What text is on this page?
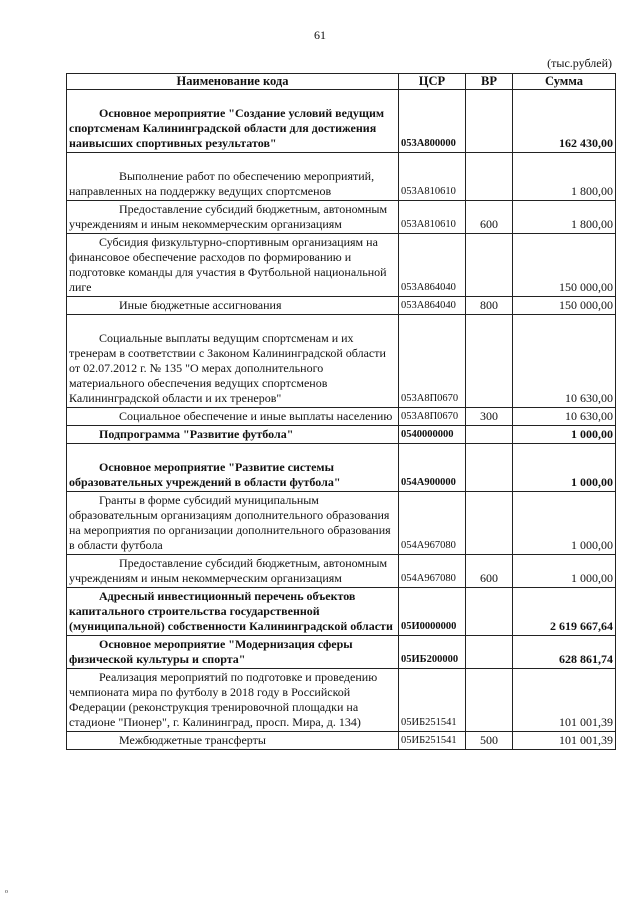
61
(тыс.рублей)
Наименование кода	ЦСР	ВР	Сумма
Основное мероприятие "Создание условий ведущим спортсменам Калининградской области для достижения наивысших спортивных результатов"	053А800000		162 430,00
Выполнение работ по обеспечению мероприятий, направленных на поддержку ведущих спортсменов	053А810610		1 800,00
Предоставление субсидий бюджетным, автономным учреждениям и иным некоммерческим организациям	053А810610	600	1 800,00
Субсидия физкультурно-спортивным организациям на финансовое обеспечение расходов по формированию и подготовке команды для участия в Футбольной национальной лиге	053А864040		150 000,00
Иные бюджетные ассигнования	053А864040	800	150 000,00
Социальные выплаты ведущим спортсменам и их тренерам в соответствии с Законом Калининградской области от 02.07.2012 г. № 135 "О мерах дополнительного материального обеспечения ведущих спортсменов Калининградской области и их тренеров"	053А8П0670		10 630,00
Социальное обеспечение и иные выплаты населению	053А8П0670	300	10 630,00
Подпрограмма "Развитие футбола"	0540000000		1 000,00
Основное мероприятие "Развитие системы образовательных учреждений в области футбола"	054А900000		1 000,00
Гранты в форме субсидий муниципальным образовательным организациям дополнительного образования на мероприятия по организации дополнительного образования в области футбола	054А967080		1 000,00
Предоставление субсидий бюджетным, автономным учреждениям и иным некоммерческим организациям	054А967080	600	1 000,00
Адресный инвестиционный перечень объектов капитального строительства государственной (муниципальной) собственности Калининградской области	05И0000000		2 619 667,64
Основное мероприятие "Модернизация сферы физической культуры и спорта"	05ИБ200000		628 861,74
Реализация мероприятий по подготовке и проведению чемпионата мира по футболу в 2018 году в Российской Федерации (реконструкция тренировочной площадки на стадионе "Пионер", г. Калининград, просп. Мира, д. 134)	05ИБ251541		101 001,39
Межбюджетные трансферты	05ИБ251541	500	101 001,39
ₒ
